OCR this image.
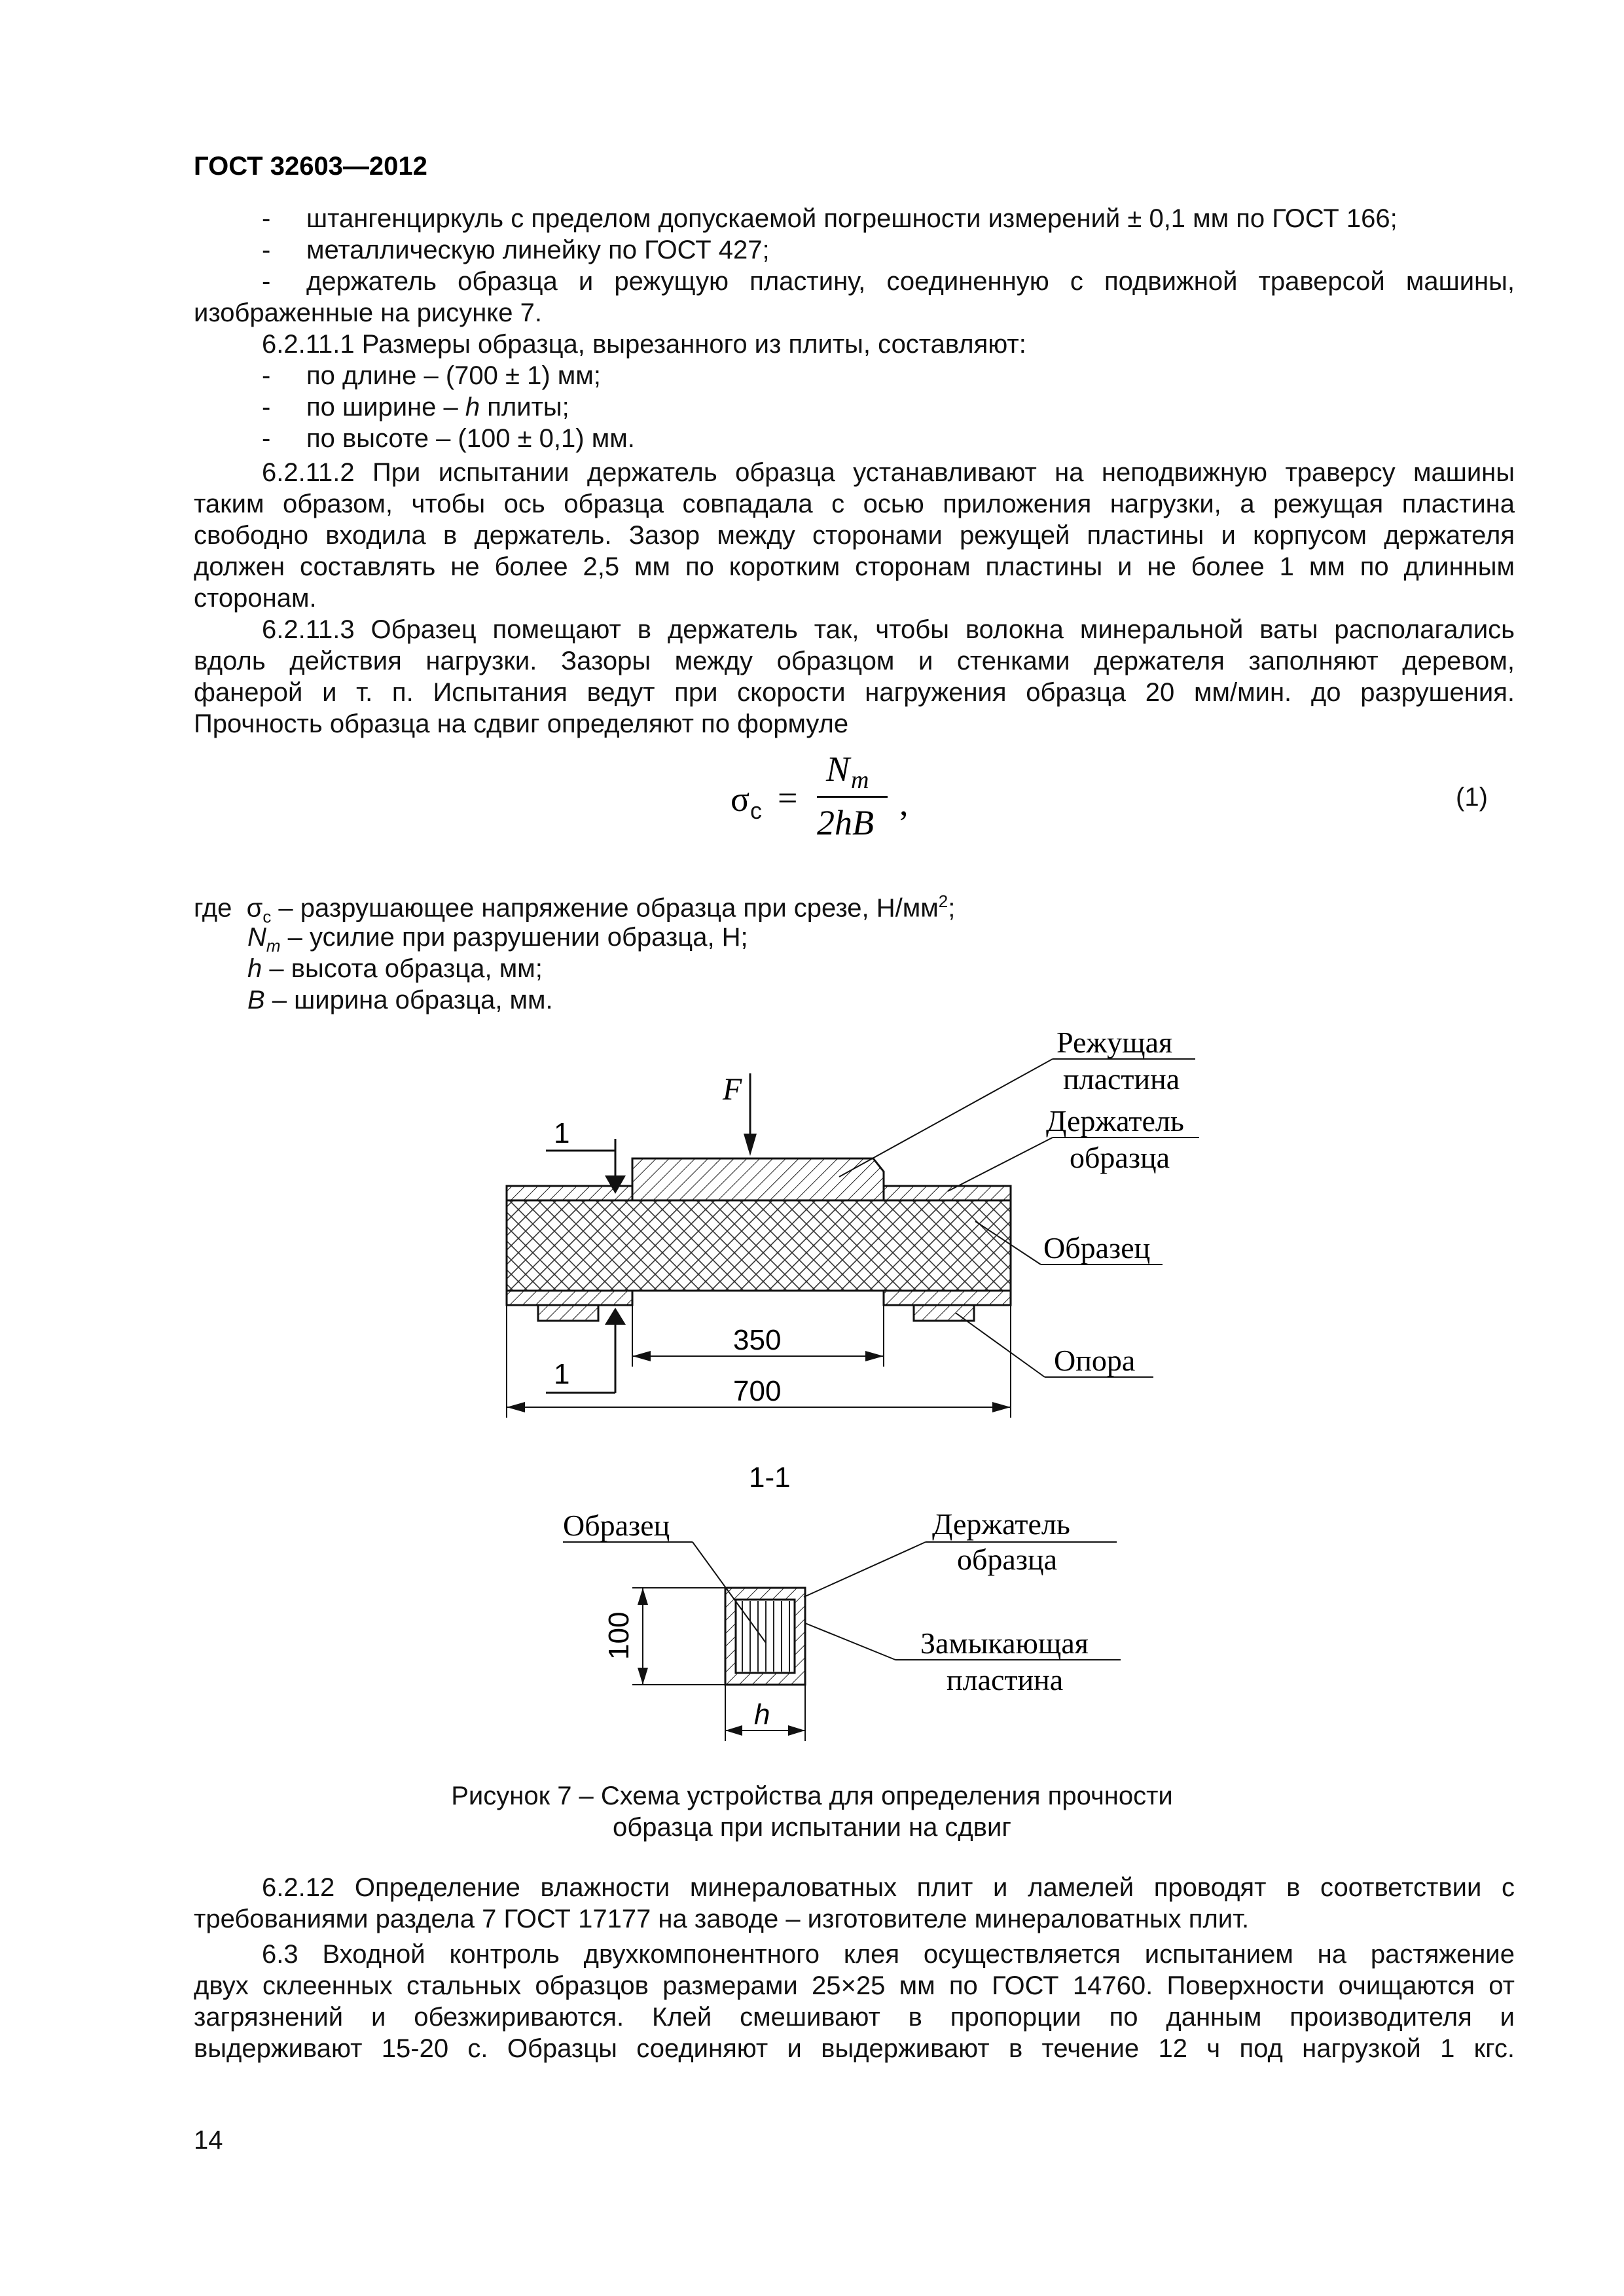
ГОСТ 32603—2012
- штангенциркуль с пределом допускаемой погрешности измерений ± 0,1 мм по ГОСТ 166;
- металлическую линейку по ГОСТ 427;
- держатель образца и режущую пластину, соединенную с подвижной траверсой машины,
изображенные на рисунке 7.
6.2.11.1 Размеры образца, вырезанного из плиты, составляют:
- по длине – (700 ± 1) мм;
- по ширине – h плиты;
- по высоте – (100 ± 0,1) мм.
6.2.11.2 При испытании держатель образца устанавливают на неподвижную траверсу машины
таким образом, чтобы ось образца совпадала с осью приложения нагрузки, а режущая пластина
свободно входила в держатель. Зазор между сторонами режущей пластины и корпусом держателя
должен составлять не более 2,5 мм по коротким сторонам пластины и не более 1 мм по длинным
сторонам.
6.2.11.3 Образец помещают в держатель так, чтобы волокна минеральной ваты располагались
вдоль действия нагрузки. Зазоры между образцом и стенками держателя заполняют деревом,
фанерой и т. п. Испытания ведут при скорости нагружения образца 20 мм/мин. до разрушения.
Прочность образца на сдвиг определяют по формуле
σ c =
N m
2hB ,	(1)
где $\sigma_c$ – разрушающее напряжение образца при срезе, $Н/мм^2$;
$N_m$ – усилие при разрушении образца, Н;
h – высота образца, мм;
B – ширина образца, мм.
F
1
1
350
700
Режущая
пластина
Держатель
образца
Образец
Опора
1-1
100
h
Образец	Держатель
образца
Замыкающая
пластина
Рисунок 7 – Схема устройства для определения прочности
образца при испытании на сдвиг
6.2.12 Определение влажности минераловатных плит и ламелей проводят в соответствии с
требованиями раздела 7 ГОСТ 17177 на заводе – изготовителе минераловатных плит.
6.3 Входной контроль двухкомпонентного клея осуществляется испытанием на растяжение
двух склеенных стальных образцов размерами 25×25 мм по ГОСТ 14760. Поверхности очищаются от
загрязнений и обезжириваются. Клей смешивают в пропорции по данным производителя и
выдерживают 15-20 с. Образцы соединяют и выдерживают в течение 12 ч под нагрузкой 1 кгс.
14
